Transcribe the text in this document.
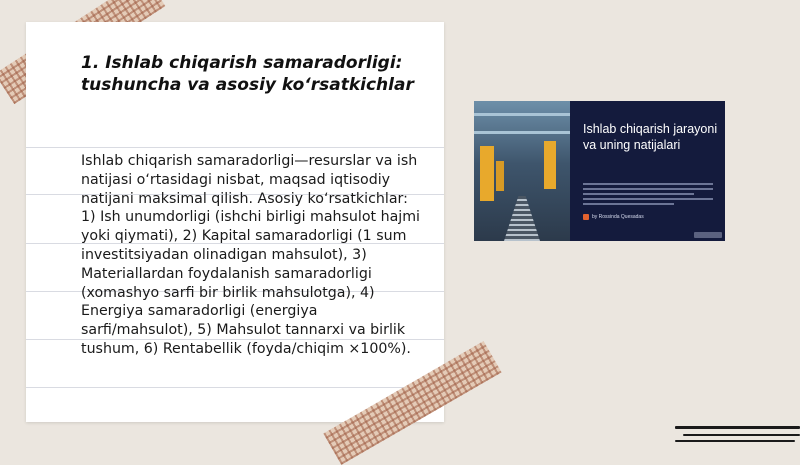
1. Ishlab chiqarish samaradorligi: tushuncha va asosiy ko‘rsatkichlar

Ishlab chiqarish samaradorligi—resurslar va ish natijasi o‘rtasidagi nisbat, maqsad iqtisodiy natijani maksimal qilish. Asosiy ko‘rsatkichlar: 1) Ish unumdorligi (ishchi birligi mahsulot hajmi yoki qiymati), 2) Kapital samaradorligi (1 sum investitsiyadan olinadigan mahsulot), 3) Materiallardan foydalanish samaradorligi (xomashyo sarfi bir birlik mahsulotga), 4) Energiya samaradorligi (energiya sarfi/mahsulot), 5) Mahsulot tannarxi va birlik tushum, 6) Rentabellik (foyda/chiqim ×100%).

Ishlab chiqarish jarayoni va uning natijalari
by Rossinda Quesadas
